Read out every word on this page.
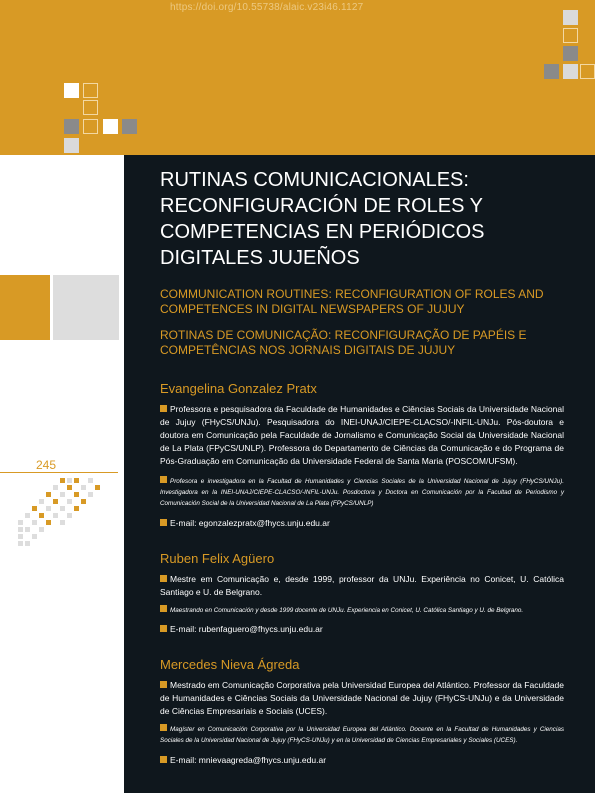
https://doi.org/10.55738/alaic.v23i46.1127
245
RUTINAS COMUNICACIONALES: RECONFIGURACIÓN DE ROLES Y COMPETENCIAS EN PERIÓDICOS DIGITALES JUJEÑOS

COMMUNICATION ROUTINES: RECONFIGURATION OF ROLES AND COMPETENCES IN DIGITAL NEWSPAPERS OF JUJUY

ROTINAS DE COMUNICAÇÃO: RECONFIGURAÇÃO DE PAPÉIS E COMPETÊNCIAS NOS JORNAIS DIGITAIS DE JUJUY

Evangelina Gonzalez Pratx

Professora e pesquisadora da Faculdade de Humanidades e Ciências Sociais da Universidade Nacional de Jujuy (FHyCS/UNJu). Pesquisadora do INEI-UNAJ/CIEPE-CLACSO/-INFIL-UNJu. Pós-doutora e doutora em Comunicação pela Faculdade de Jornalismo e Comunicação Social da Universidade Nacional de La Plata (FPyCS/UNLP). Professora do Departamento de Ciências da Comunicação e do Programa de Pós-Graduação em Comunicação da Universidade Federal de Santa Maria (POSCOM/UFSM).

Profesora e investigadora en la Facultad de Humanidades y Ciencias Sociales de la Universidad Nacional de Jujuy (FHyCS/UNJu). Investigadora en la INEI-UNAJ/CIEPE-CLACSO/-INFIL-UNJu. Posdoctora y Doctora en Comunicación por la Facultad de Periodismo y Comunicación Social de la Universidad Nacional de La Plata (FPyCS/UNLP)

E-mail: egonzalezpratx@fhycs.unju.edu.ar

Ruben Felix Agüero

Mestre em Comunicação e, desde 1999, professor da UNJu. Experiência no Conicet, U. Católica Santiago e U. de Belgrano.

Maestrando en Comunicación y desde 1999 docente de UNJu. Experiencia en Conicet, U. Católica Santiago y U. de Belgrano.

E-mail: rubenfaguero@fhycs.unju.edu.ar

Mercedes Nieva Ágreda

Mestrado em Comunicação Corporativa pela Universidad Europea del Atlántico. Professor da Faculdade de Humanidades e Ciências Sociais da Universidade Nacional de Jujuy (FHyCS-UNJu) e da Universidade de Ciências Empresariais e Sociais (UCES).

Magíster en Comunicación Corporativa por la Universidad Europea del Atlántico. Docente en la Facultad de Humanidades y Ciencias Sociales de la Universidad Nacional de Jujuy (FHyCS-UNJu) y en la Universidad de Ciencias Empresariales y Sociales (UCES).

E-mail: mnievaagreda@fhycs.unju.edu.ar
